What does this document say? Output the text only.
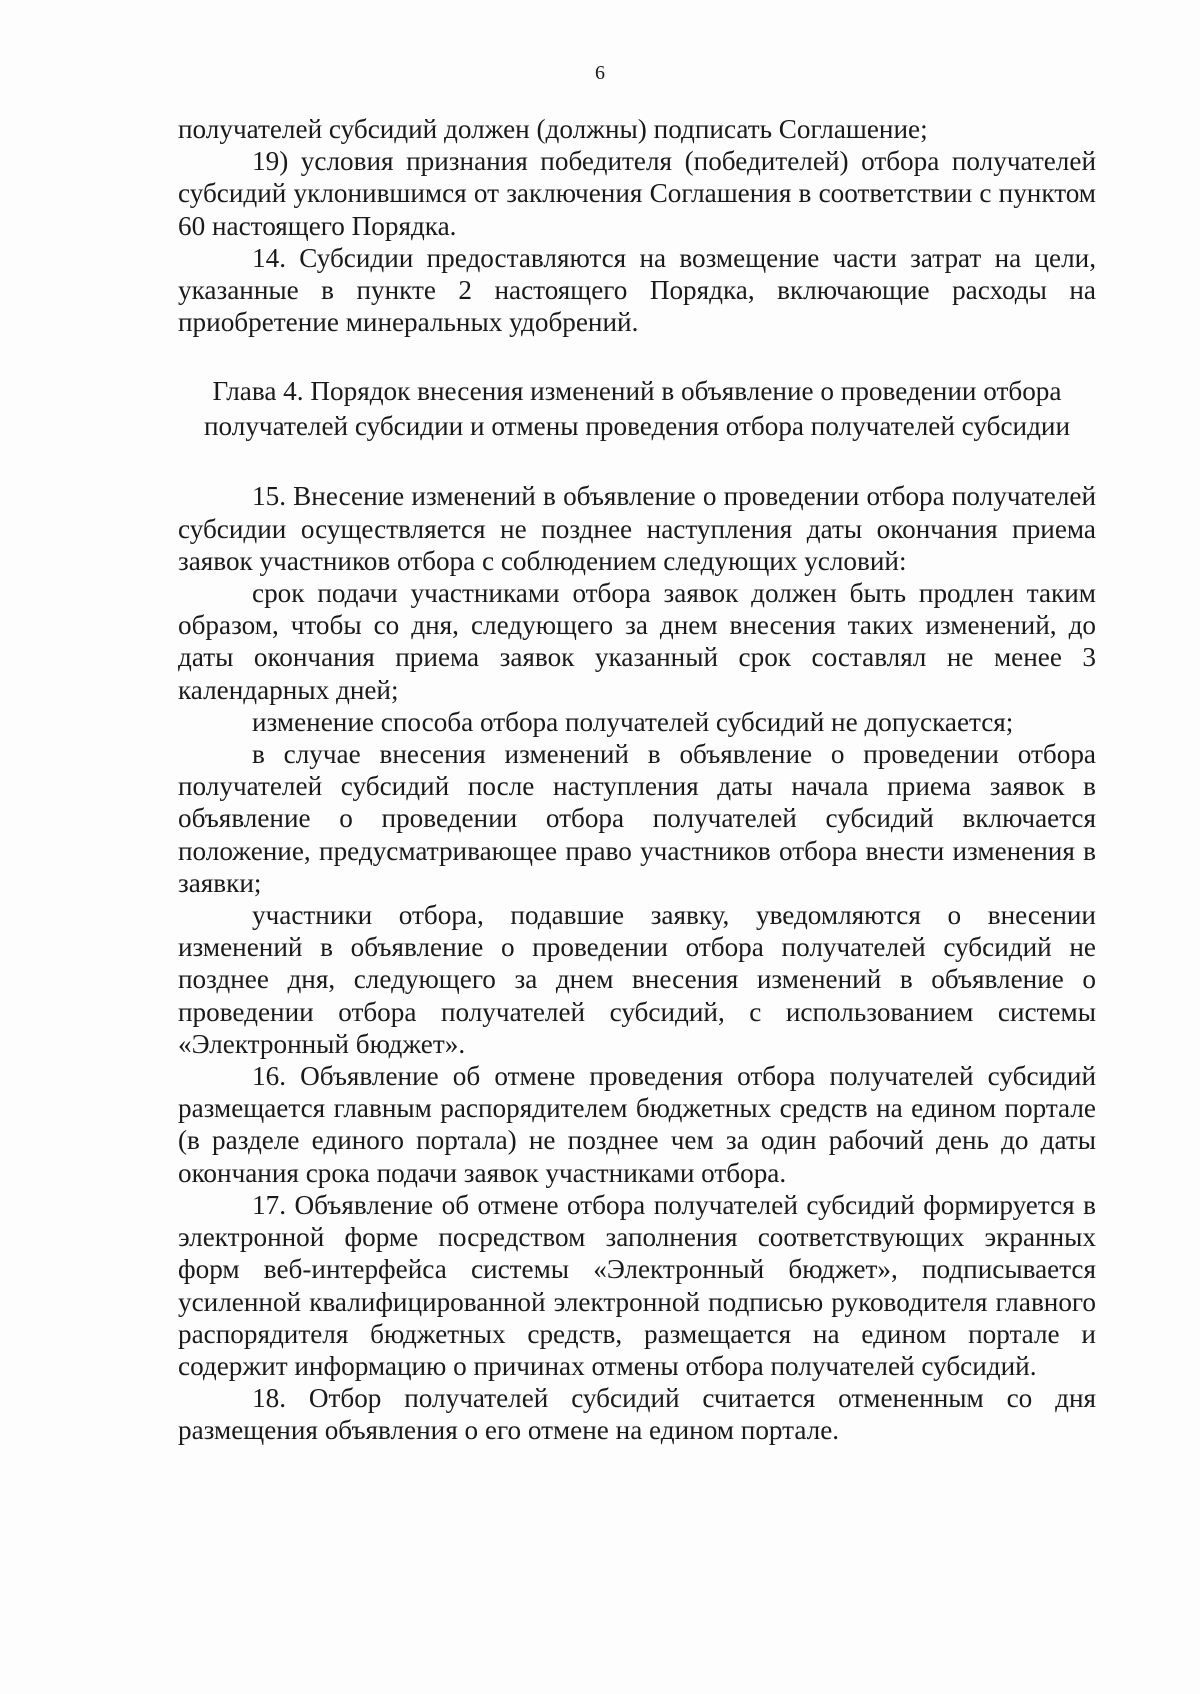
6

получателей субсидий должен (должны) подписать Соглашение;

19) условия признания победителя (победителей) отбора получателей субсидий уклонившимся от заключения Соглашения в соответствии с пунктом 60 настоящего Порядка.

14. Субсидии предоставляются на возмещение части затрат на цели, указанные в пункте 2 настоящего Порядка, включающие расходы на приобретение минеральных удобрений.

Глава 4. Порядок внесения изменений в объявление о проведении отбора
получателей субсидии и отмены проведения отбора получателей субсидии

15. Внесение изменений в объявление о проведении отбора получателей субсидии осуществляется не позднее наступления даты окончания приема заявок участников отбора с соблюдением следующих условий:

срок подачи участниками отбора заявок должен быть продлен таким образом, чтобы со дня, следующего за днем внесения таких изменений, до даты окончания приема заявок указанный срок составлял не менее 3 календарных дней;

изменение способа отбора получателей субсидий не допускается;

в случае внесения изменений в объявление о проведении отбора получателей субсидий после наступления даты начала приема заявок в объявление о проведении отбора получателей субсидий включается положение, предусматривающее право участников отбора внести изменения в заявки;

участники отбора, подавшие заявку, уведомляются о внесении изменений в объявление о проведении отбора получателей субсидий не позднее дня, следующего за днем внесения изменений в объявление о проведении отбора получателей субсидий, с использованием системы «Электронный бюджет».

16. Объявление об отмене проведения отбора получателей субсидий размещается главным распорядителем бюджетных средств на едином портале (в разделе единого портала) не позднее чем за один рабочий день до даты окончания срока подачи заявок участниками отбора.

17. Объявление об отмене отбора получателей субсидий формируется в электронной форме посредством заполнения соответствующих экранных форм веб-интерфейса системы «Электронный бюджет», подписывается усиленной квалифицированной электронной подписью руководителя главного распорядителя бюджетных средств, размещается на едином портале и содержит информацию о причинах отмены отбора получателей субсидий.

18. Отбор получателей субсидий считается отмененным со дня размещения объявления о его отмене на едином портале.
